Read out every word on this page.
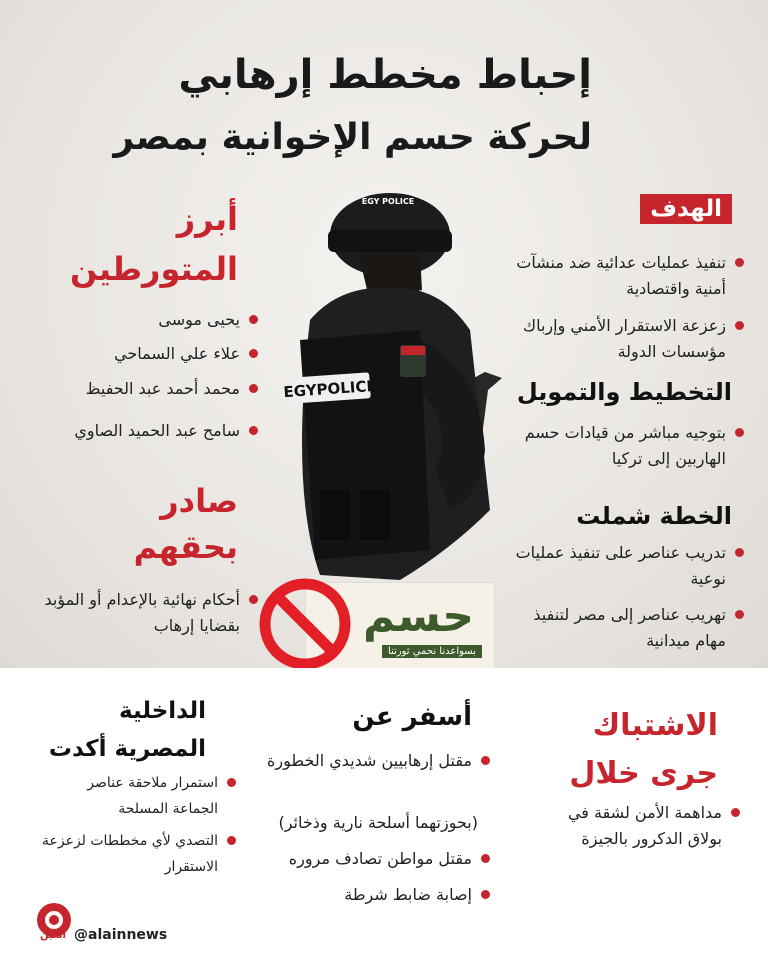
EGY POLICE
EGYPOLICE
إحباط مخطط إرهابي
لحركة حسم الإخوانية بمصر
الهدف
تنفيذ عمليات عدائية ضد منشآت أمنية واقتصادية
زعزعة الاستقرار الأمني وإرباك مؤسسات الدولة
التخطيط والتمويل
بتوجيه مباشر من قيادات حسم الهاربين إلى تركيا
الخطة شملت
تدريب عناصر على تنفيذ عمليات نوعية
تهريب عناصر إلى مصر لتنفيذ مهام ميدانية
أبرز
المتورطين
يحيى موسى
علاء علي السماحي
محمد أحمد عبد الحفيظ
سامح عبد الحميد الصاوي
صادر
بحقهم
أحكام نهائية بالإعدام أو المؤبد بقضايا إرهاب	حسم
بسواعدنا نحمي ثورتنا
الاشتباك
جرى خلال
مداهمة الأمن لشقة في بولاق الدكرور بالجيزة
أسفر عن
مقتل إرهابيين شديدي الخطورة
(بحوزتهما أسلحة نارية وذخائر)
مقتل مواطن تصادف مروره
إصابة ضابط شرطة
الداخلية
المصرية أكدت
استمرار ملاحقة عناصر الجماعة المسلحة
التصدي لأي مخططات لزعزعة الاستقرار
العين @alainnews
